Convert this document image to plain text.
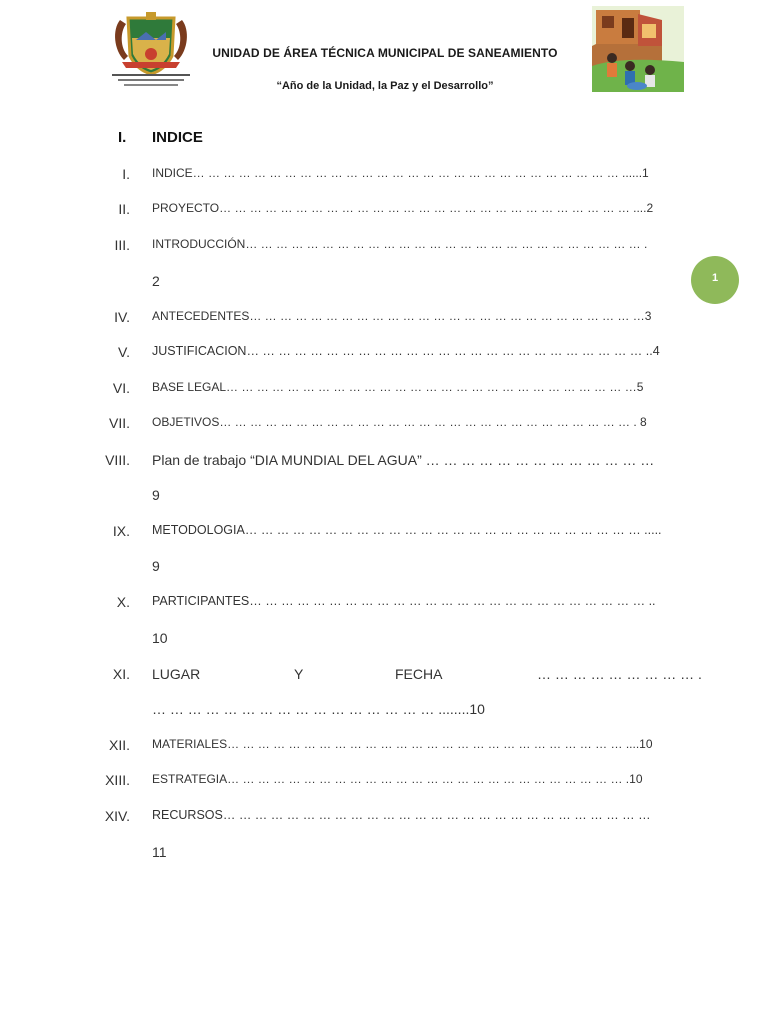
UNIDAD DE ÁREA TÉCNICA MUNICIPAL DE SANEAMIENTO
“Año de la Unidad, la Paz y el Desarrollo”
I. INDICE
I. INDICE… … … … … … … … … … … … … … … … … … … … … … … … … … … … ......1
II. PROYECTO… … … … … … … … … … … … … … … … … … … … … … … … … … … ....2
III. INTRODUCCIÓN… … … … … … … … … … … … … … … … … … … … … … … … … … .
2
IV. ANTECEDENTES… … … … … … … … … … … … … … … … … … … … … … … … … …3
V. JUSTIFICACION… … … … … … … … … … … … … … … … … … … … … … … … … ..4
VI. BASE LEGAL… … … … … … … … … … … … … … … … … … … … … … … … … … …5
VII. OBJETIVOS… … … … … … … … … … … … … … … … … … … … … … … … … … … . 8
VIII. Plan de trabajo “DIA MUNDIAL DEL AGUA” … … … … … … … … … … … … …
9
IX. METODOLOGIA… … … … … … … … … … … … … … … … … … … … … … … … … .....
9
X. PARTICIPANTES… … … … … … … … … … … … … … … … … … … … … … … … … ..
10
XI. LUGAR	Y	FECHA	… … … … … … … … … .
… … … … … … … … … … … … … … … … ........10
XII. MATERIALES… … … … … … … … … … … … … … … … … … … … … … … … … … ....10
XIII. ESTRATEGIA… … … … … … … … … … … … … … … … … … … … … … … … … … .10
XIV. RECURSOS… … … … … … … … … … … … … … … … … … … … … … … … … … …
11
1
